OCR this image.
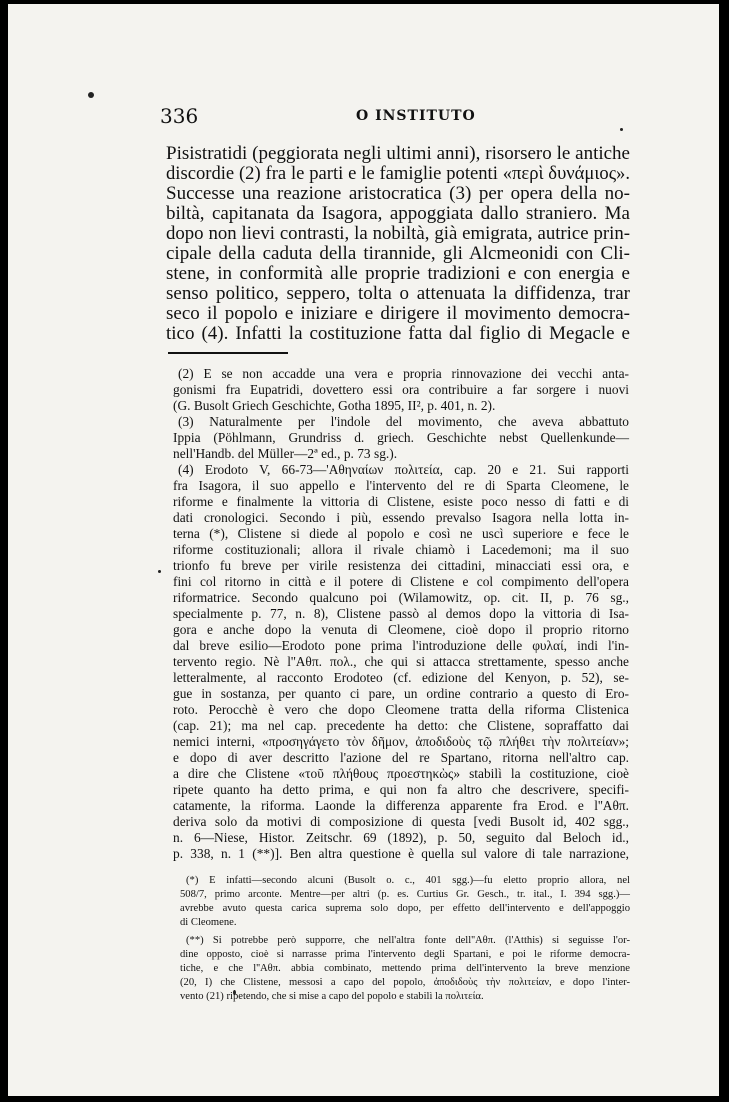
336	O INSTITUTO
Pisistratidi (peggiorata negli ultimi anni), risorsero le antiche
discordie (2) fra le parti e le famiglie potenti «περὶ δυνάμιος».
Successe una reazione aristocratica (3) per opera della no-
biltà, capitanata da Isagora, appoggiata dallo straniero. Ma
dopo non lievi contrasti, la nobiltà, già emigrata, autrice prin-
cipale della caduta della tirannide, gli Alcmeonidi con Cli-
stene, in conformità alle proprie tradizioni e con energia e
senso politico, seppero, tolta o attenuata la diffidenza, trar
seco il popolo e iniziare e dirigere il movimento democra-
tico (4). Infatti la costituzione fatta dal figlio di Megacle e
(2) E se non accadde una vera e propria rinnovazione dei vecchi anta-
gonismi fra Eupatridi, dovettero essi ora contribuire a far sorgere i nuovi
(G. Busolt Griech Geschichte, Gotha 1895, II², p. 401, n. 2).
(3) Naturalmente per l'indole del movimento, che aveva abbattuto
Ippia (Pöhlmann, Grundriss d. griech. Geschichte nebst Quellenkunde—
nell'Handb. del Müller—2ª ed., p. 73 sg.).
(4) Erodoto V, 66-73—'Αθηναίων πολιτεία, cap. 20 e 21. Sui rapporti
fra Isagora, il suo appello e l'intervento del re di Sparta Cleomene, le
riforme e finalmente la vittoria di Clistene, esiste poco nesso di fatti e di
dati cronologici. Secondo i più, essendo prevalso Isagora nella lotta in-
terna (*), Clistene si diede al popolo e così ne uscì superiore e fece le
riforme costituzionali; allora il rivale chiamò i Lacedemoni; ma il suo
trionfo fu breve per virile resistenza dei cittadini, minacciati essi ora, e
fini col ritorno in città e il potere di Clistene e col compimento dell'opera
riformatrice. Secondo qualcuno poi (Wilamowitz, op. cit. II, p. 76 sg.,
specialmente p. 77, n. 8), Clistene passò al demos dopo la vittoria di Isa-
gora e anche dopo la venuta di Cleomene, cioè dopo il proprio ritorno
dal breve esilio—Erodoto pone prima l'introduzione delle φυλαί, indi l'in-
tervento regio. Nè l''Αθπ. πολ., che qui si attacca strettamente, spesso anche
letteralmente, al racconto Erodoteo (cf. edizione del Kenyon, p. 52), se-
gue in sostanza, per quanto ci pare, un ordine contrario a questo di Ero-
roto. Perocchè è vero che dopo Cleomene tratta della riforma Clistenica
(cap. 21); ma nel cap. precedente ha detto: che Clistene, sopraffatto dai
nemici interni, «προσηγάγετο τὸν δῆμον, ἀποδιδοὺς τῷ πλήθει τὴν πολιτείαν»;
e dopo di aver descritto l'azione del re Spartano, ritorna nell'altro cap.
a dire che Clistene «τοῦ πλήθους προεστηκὼς» stabilì la costituzione, cioè
ripete quanto ha detto prima, e qui non fa altro che descrivere, specifi-
catamente, la riforma. Laonde la differenza apparente fra Erod. e l''Αθπ.
deriva solo da motivi di composizione di questa [vedi Busolt id, 402 sgg.,
n. 6—Niese, Histor. Zeitschr. 69 (1892), p. 50, seguito dal Beloch id.,
p. 338, n. 1 (**)]. Ben altra questione è quella sul valore di tale narrazione,
(*) E infatti—secondo alcuni (Busolt o. c., 401 sgg.)—fu eletto proprio allora, nel
508/7, primo arconte. Mentre—per altri (p. es. Curtius Gr. Gesch., tr. ital., I. 394 sgg.)—
avrebbe avuto questa carica suprema solo dopo, per effetto dell'intervento e dell'appoggio
di Cleomene.
(**) Si potrebbe però supporre, che nell'altra fonte dell''Αθπ. (l'Atthis) si seguisse l'or-
dine opposto, cioè si narrasse prima l'intervento degli Spartani, e poi le riforme democra-
tiche, e che l''Αθπ. abbia combinato, mettendo prima dell'intervento la breve menzione
(20, I) che Clistene, messosi a capo del popolo, ἀποδιδοὺς τὴν πολιτείαν, e dopo l'inter-
vento (21) ripetendo, che si mise a capo del popolo e stabilì la πολιτεία.
